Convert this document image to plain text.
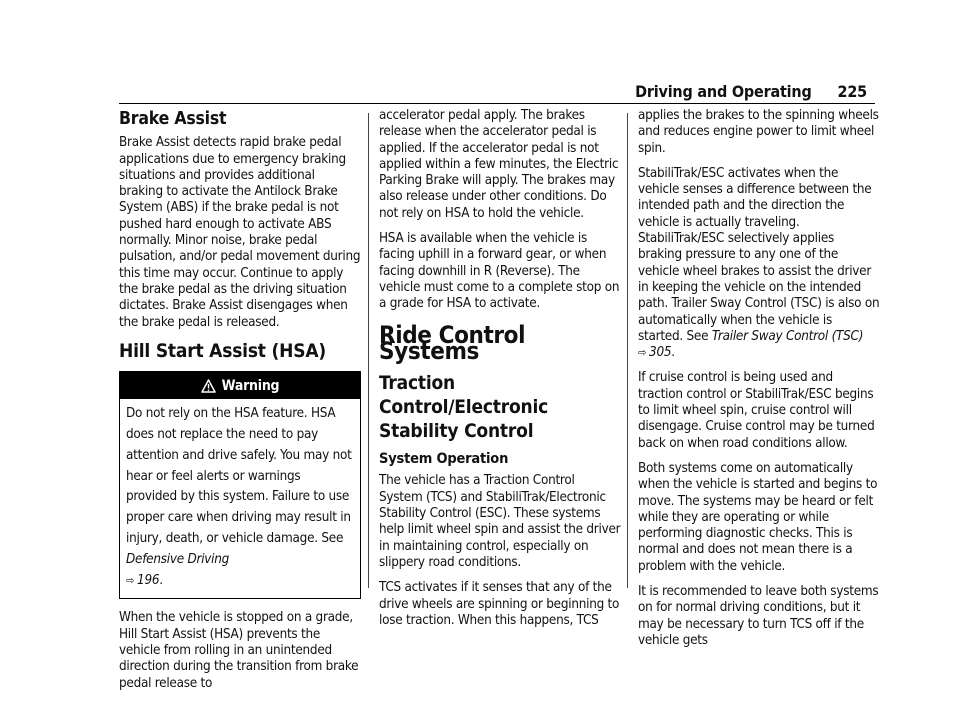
Driving and Operating 225
Brake Assist

Brake Assist detects rapid brake pedal applications due to emergency braking situations and provides additional braking to activate the Antilock Brake System (ABS) if the brake pedal is not pushed hard enough to activate ABS normally. Minor noise, brake pedal pulsation, and/or pedal movement during this time may occur. Continue to apply the brake pedal as the driving situation dictates. Brake Assist disengages when the brake pedal is released.

Hill Start Assist (HSA)
Warning
Do not rely on the HSA feature. HSA does not replace the need to pay attention and drive safely. You may not hear or feel alerts or warnings provided by this system. Failure to use proper care when driving may result in injury, death, or vehicle damage. See Defensive Driving
⇨ 196.

When the vehicle is stopped on a grade, Hill Start Assist (HSA) prevents the vehicle from rolling in an unintended direction during the transition from brake pedal release to

accelerator pedal apply. The brakes release when the accelerator pedal is applied. If the accelerator pedal is not applied within a few minutes, the Electric Parking Brake will apply. The brakes may also release under other conditions. Do not rely on HSA to hold the vehicle.

HSA is available when the vehicle is facing uphill in a forward gear, or when facing downhill in R (Reverse). The vehicle must come to a complete stop on a grade for HSA to activate.

Ride Control Systems
Traction Control/Electronic Stability Control
System Operation

The vehicle has a Traction Control System (TCS) and StabiliTrak/Electronic Stability Control (ESC). These systems help limit wheel spin and assist the driver in maintaining control, especially on slippery road conditions.

TCS activates if it senses that any of the drive wheels are spinning or beginning to lose traction. When this happens, TCS

applies the brakes to the spinning wheels and reduces engine power to limit wheel spin.

StabiliTrak/ESC activates when the vehicle senses a difference between the intended path and the direction the vehicle is actually traveling. StabiliTrak/ESC selectively applies braking pressure to any one of the vehicle wheel brakes to assist the driver in keeping the vehicle on the intended path. Trailer Sway Control (TSC) is also on automatically when the vehicle is started. See Trailer Sway Control (TSC) ⇨ 305.

If cruise control is being used and traction control or StabiliTrak/ESC begins to limit wheel spin, cruise control will disengage. Cruise control may be turned back on when road conditions allow.

Both systems come on automatically when the vehicle is started and begins to move. The systems may be heard or felt while they are operating or while performing diagnostic checks. This is normal and does not mean there is a problem with the vehicle.

It is recommended to leave both systems on for normal driving conditions, but it may be necessary to turn TCS off if the vehicle gets
